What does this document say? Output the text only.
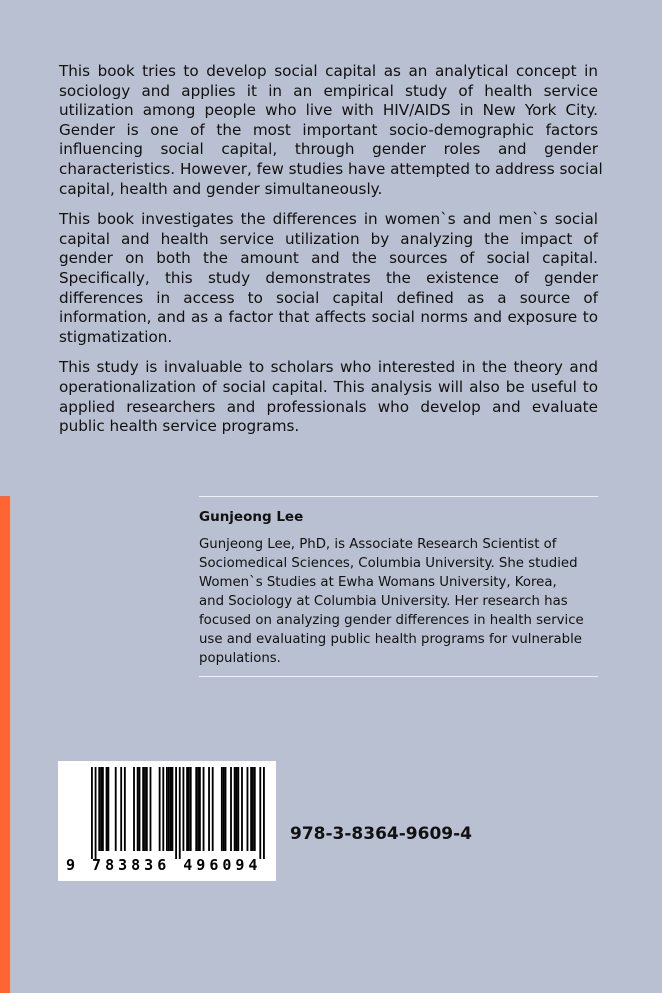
This book tries to develop social capital as an analytical concept in
sociology and applies it in an empirical study of health service
utilization among people who live with HIV/AIDS in New York City.
Gender is one of the most important socio-demographic factors
influencing social capital, through gender roles and gender
characteristics. However, few studies have attempted to address social
capital, health and gender simultaneously.
This book investigates the differences in women`s and men`s social
capital and health service utilization by analyzing the impact of
gender on both the amount and the sources of social capital.
Specifically, this study demonstrates the existence of gender
differences in access to social capital defined as a source of
information, and as a factor that affects social norms and exposure to
stigmatization.
This study is invaluable to scholars who interested in the theory and
operationalization of social capital. This analysis will also be useful to
applied researchers and professionals who develop and evaluate
public health service programs.
Gunjeong Lee
Gunjeong Lee, PhD, is Associate Research Scientist of
Sociomedical Sciences, Columbia University. She studied
Women`s Studies at Ewha Womans University, Korea,
and Sociology at Columbia University. Her research has
focused on analyzing gender differences in health service
use and evaluating public health programs for vulnerable
populations.
9 783836 496094
978-3-8364-9609-4
